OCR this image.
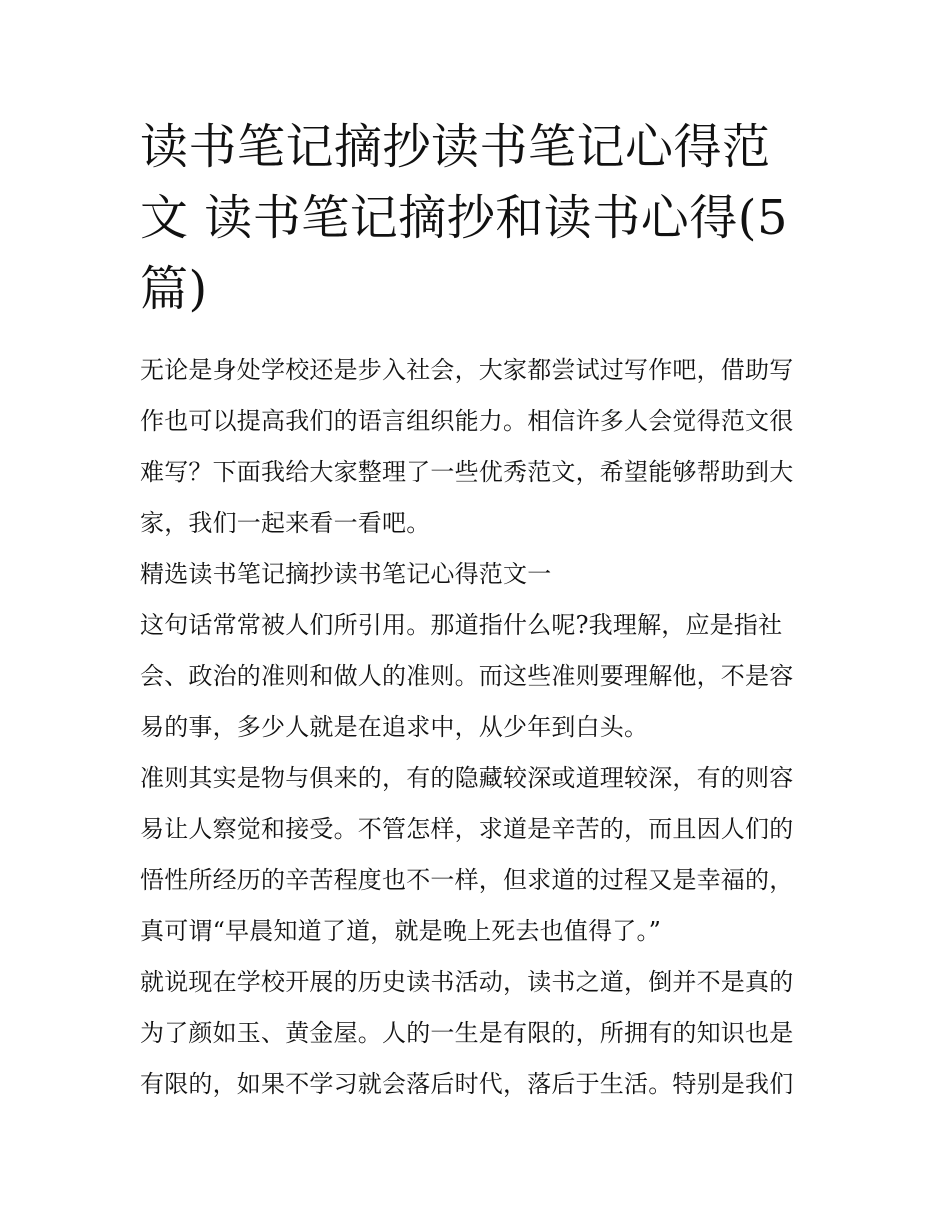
读书笔记摘抄读书笔记心得范文 读书笔记摘抄和读书心得(5篇)

无论是身处学校还是步入社会，大家都尝试过写作吧，借助写作也可以提高我们的语言组织能力。相信许多人会觉得范文很难写？下面我给大家整理了一些优秀范文，希望能够帮助到大家，我们一起来看一看吧。

精选读书笔记摘抄读书笔记心得范文一

这句话常常被人们所引用。那道指什么呢?我理解，应是指社会、政治的准则和做人的准则。而这些准则要理解他，不是容易的事，多少人就是在追求中，从少年到白头。

准则其实是物与俱来的，有的隐藏较深或道理较深，有的则容易让人察觉和接受。不管怎样，求道是辛苦的，而且因人们的悟性所经历的辛苦程度也不一样，但求道的过程又是幸福的，真可谓“早晨知道了道，就是晚上死去也值得了。”

就说现在学校开展的历史读书活动，读书之道，倒并不是真的为了颜如玉、黄金屋。人的一生是有限的，所拥有的知识也是有限的，如果不学习就会落后时代，落后于生活。特别是我们
